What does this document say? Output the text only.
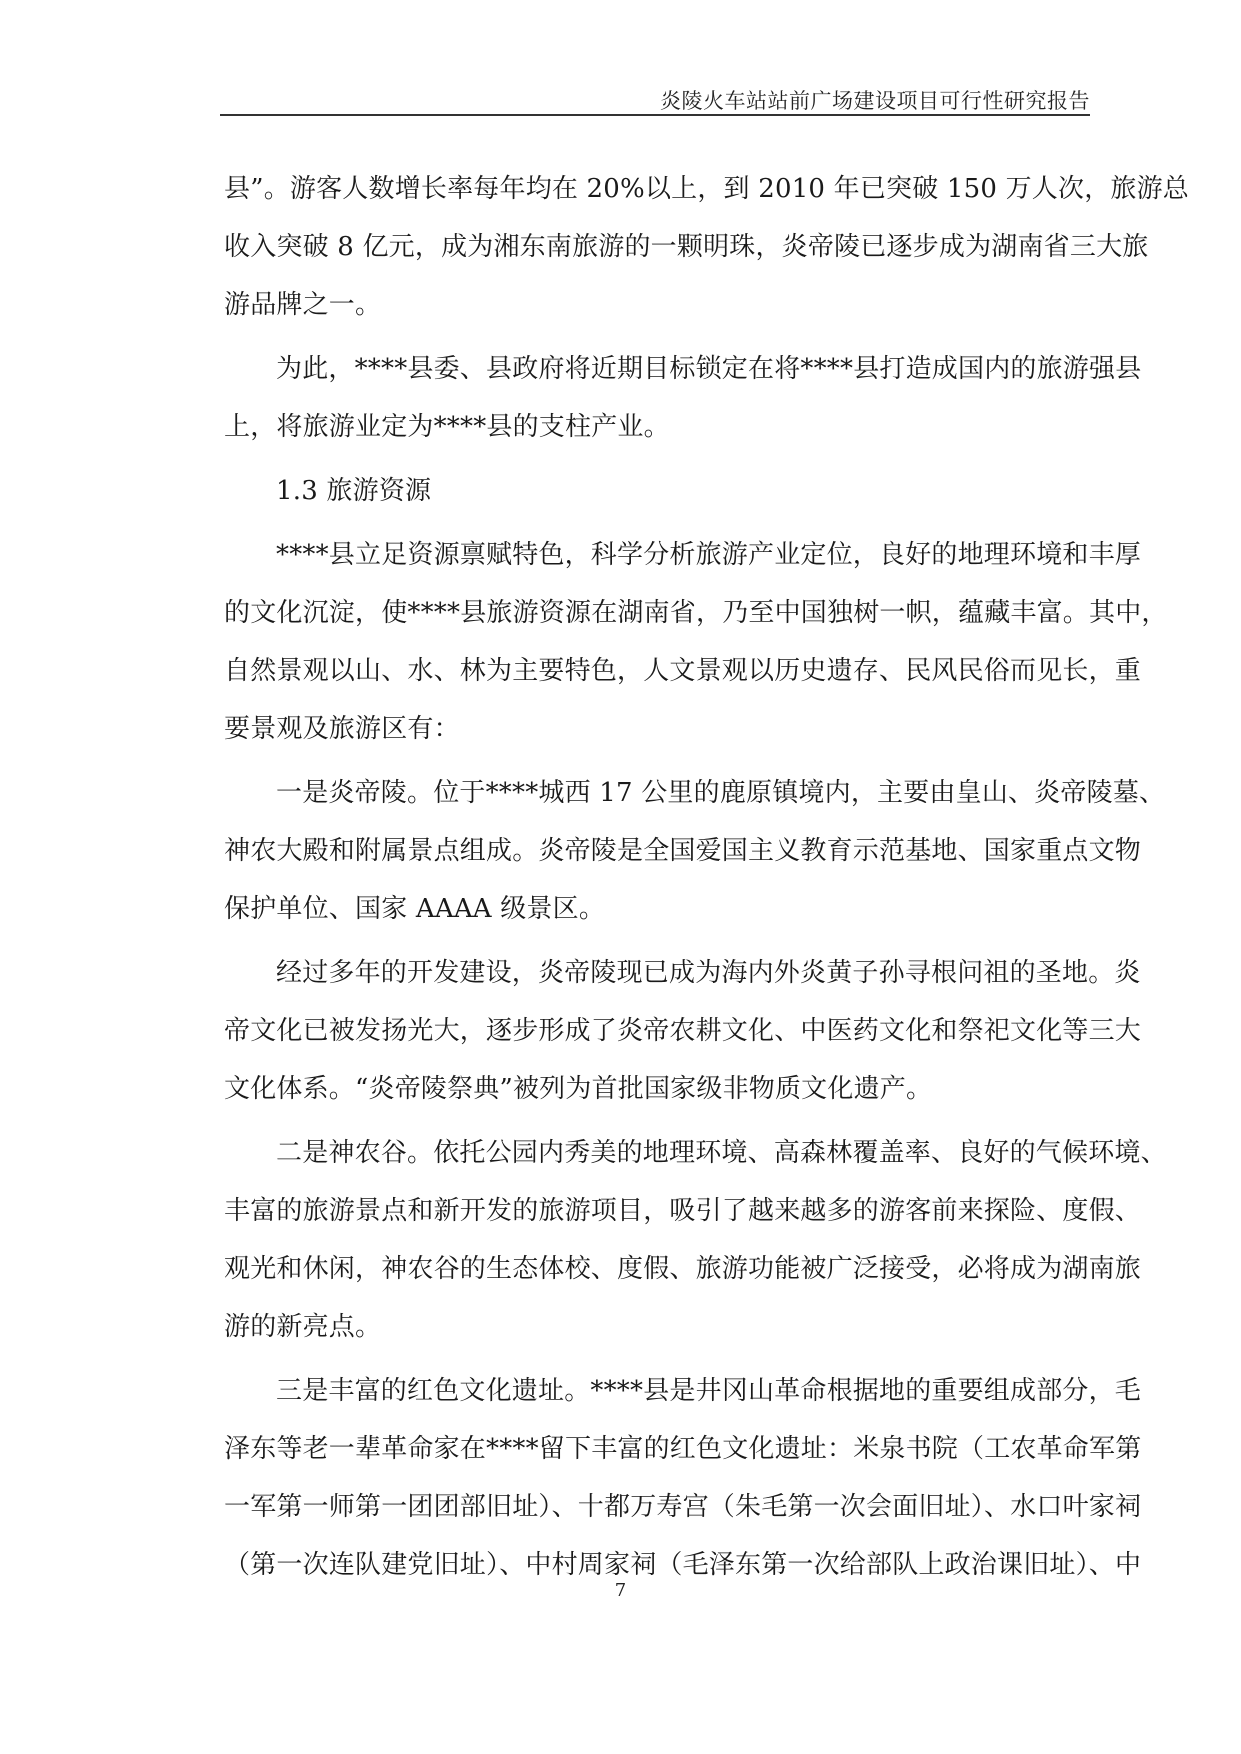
炎陵火车站站前广场建设项目可行性研究报告
县”。游客人数增长率每年均在 20%以上，到 2010 年已突破 150 万人次，旅游总
收入突破 8 亿元，成为湘东南旅游的一颗明珠，炎帝陵已逐步成为湖南省三大旅
游品牌之一。
为此，****县委、县政府将近期目标锁定在将****县打造成国内的旅游强县
上，将旅游业定为****县的支柱产业。
1.3 旅游资源
****县立足资源禀赋特色，科学分析旅游产业定位，良好的地理环境和丰厚
的文化沉淀，使****县旅游资源在湖南省，乃至中国独树一帜，蕴藏丰富。其中，
自然景观以山、水、林为主要特色，人文景观以历史遗存、民风民俗而见长，重
要景观及旅游区有：
一是炎帝陵。位于****城西 17 公里的鹿原镇境内，主要由皇山、炎帝陵墓、
神农大殿和附属景点组成。炎帝陵是全国爱国主义教育示范基地、国家重点文物
保护单位、国家 AAAA 级景区。
经过多年的开发建设，炎帝陵现已成为海内外炎黄子孙寻根问祖的圣地。炎
帝文化已被发扬光大，逐步形成了炎帝农耕文化、中医药文化和祭祀文化等三大
文化体系。“炎帝陵祭典”被列为首批国家级非物质文化遗产。
二是神农谷。依托公园内秀美的地理环境、高森林覆盖率、良好的气候环境、
丰富的旅游景点和新开发的旅游项目，吸引了越来越多的游客前来探险、度假、
观光和休闲，神农谷的生态体校、度假、旅游功能被广泛接受，必将成为湖南旅
游的新亮点。
三是丰富的红色文化遗址。****县是井冈山革命根据地的重要组成部分，毛
泽东等老一辈革命家在****留下丰富的红色文化遗址：米泉书院（工农革命军第
一军第一师第一团团部旧址）、十都万寿宫（朱毛第一次会面旧址）、水口叶家祠
（第一次连队建党旧址）、中村周家祠（毛泽东第一次给部队上政治课旧址）、中
7
